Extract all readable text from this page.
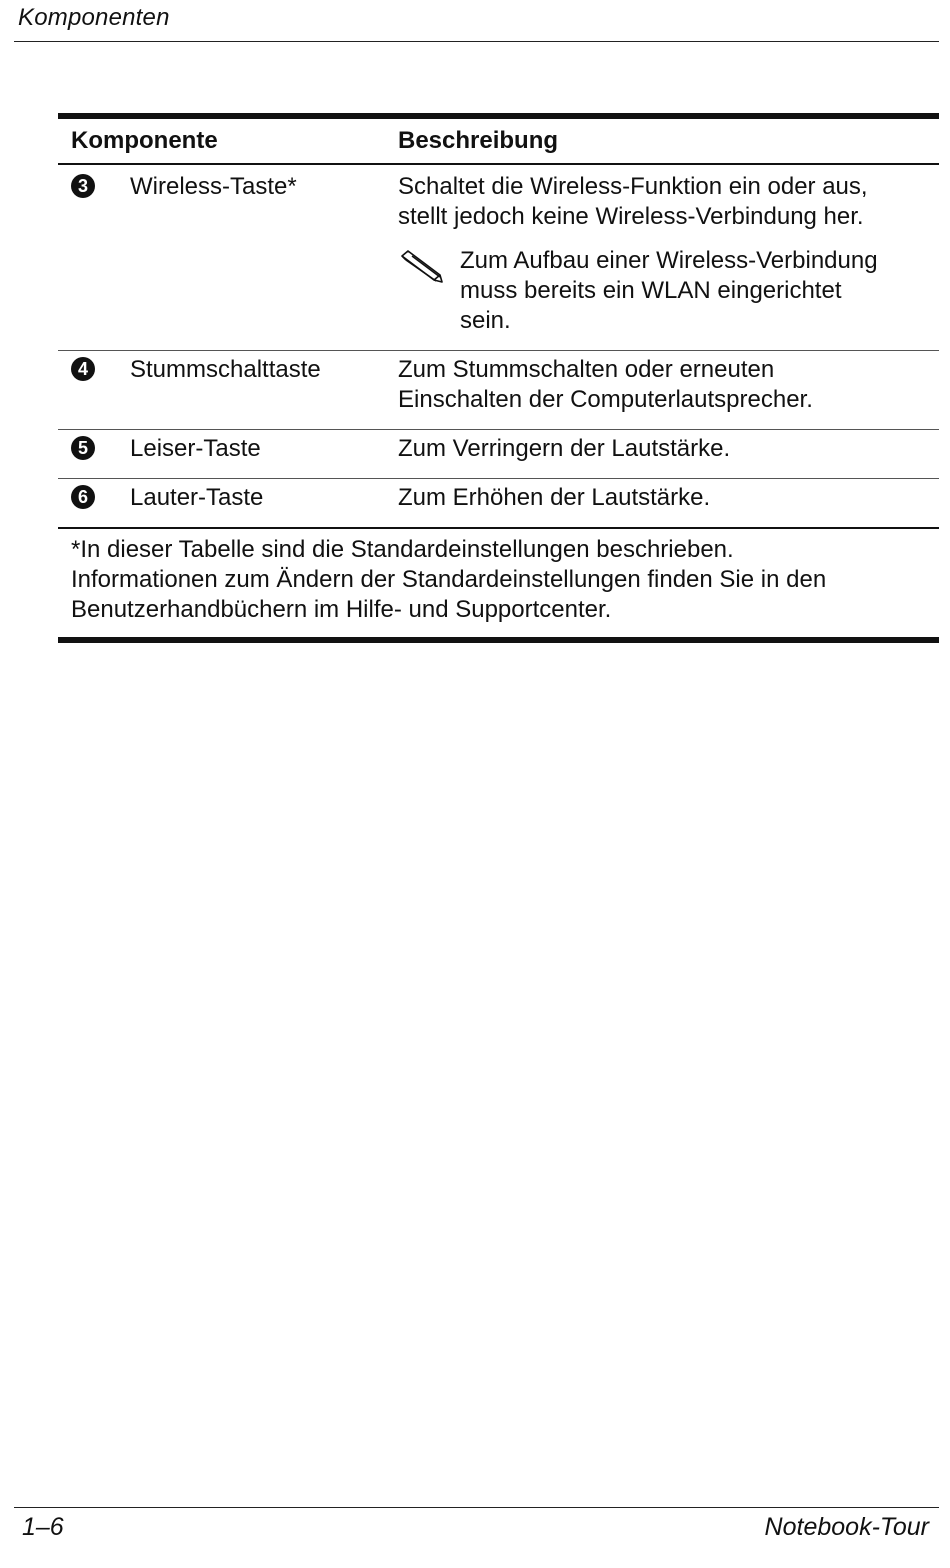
Komponenten
Komponente	Beschreibung
3 Wireless-Taste*	Schaltet die Wireless-Funktion ein oder aus,
stellt jedoch keine Wireless-Verbindung her.
Zum Aufbau einer Wireless-Verbindung
muss bereits ein WLAN eingerichtet
sein.
4 Stummschalttaste	Zum Stummschalten oder erneuten
Einschalten der Computerlautsprecher.
5 Leiser-Taste	Zum Verringern der Lautstärke.
6 Lauter-Taste	Zum Erhöhen der Lautstärke.
*In dieser Tabelle sind die Standardeinstellungen beschrieben.
Informationen zum Ändern der Standardeinstellungen finden Sie in den
Benutzerhandbüchern im Hilfe- und Supportcenter.
1–6	Notebook-Tour
